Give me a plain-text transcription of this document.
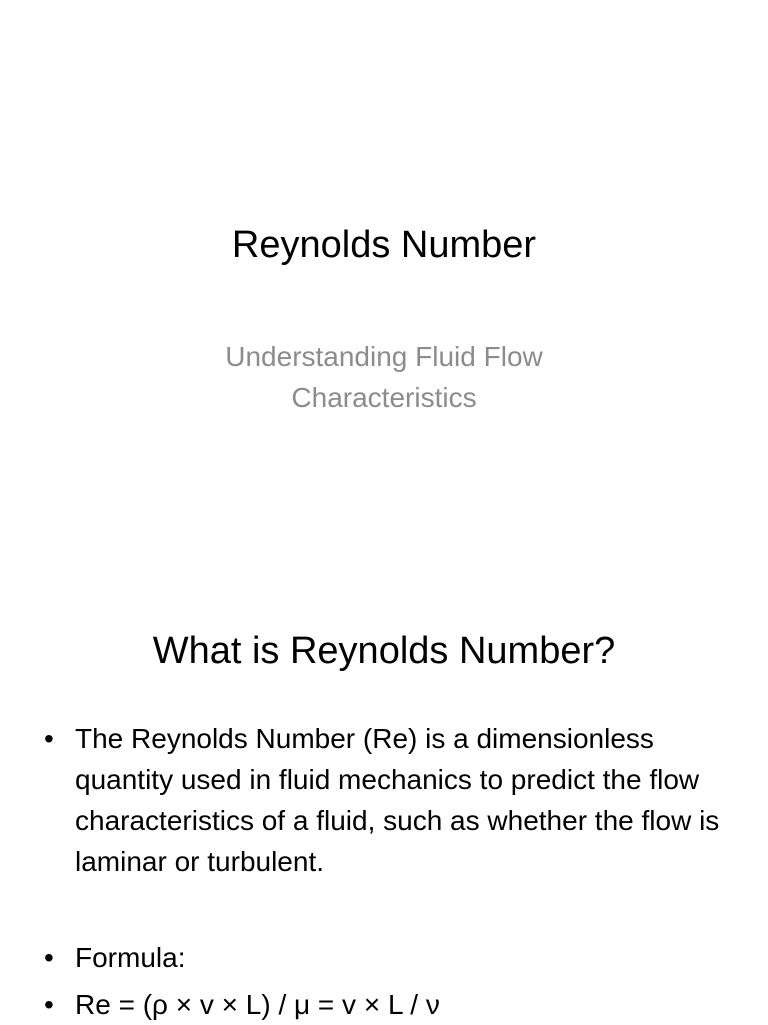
Reynolds Number
Understanding Fluid Flow Characteristics
What is Reynolds Number?
• The Reynolds Number (Re) is a dimensionless quantity used in fluid mechanics to predict the flow characteristics of a fluid, such as whether the flow is laminar or turbulent.
• Formula:
• Re = (ρ × v × L) / μ = v × L / ν
